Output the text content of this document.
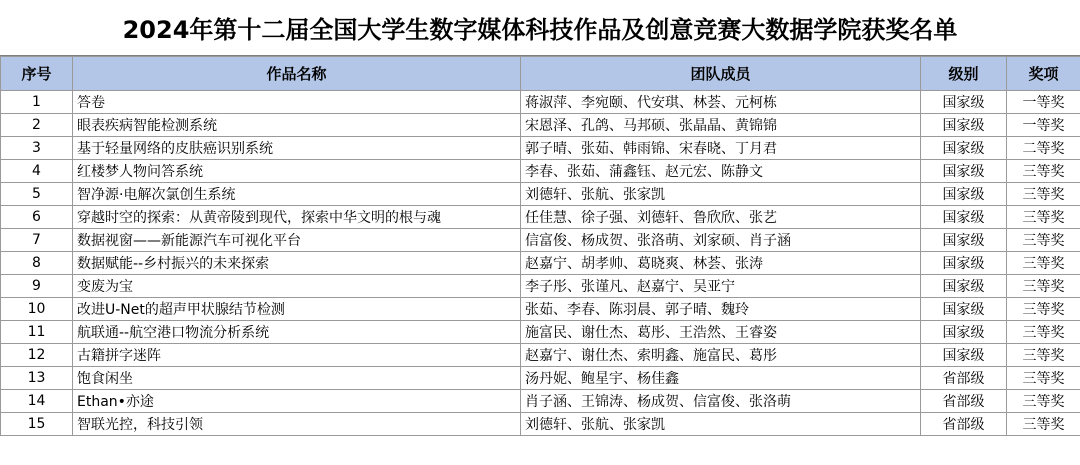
2024年第十二届全国大学生数字媒体科技作品及创意竞赛大数据学院获奖名单
序号	作品名称	团队成员	级别	奖项
1	答卷	蒋淑萍、李宛颐、代安琪、林荟、元柯栋	国家级	一等奖
2	眼表疾病智能检测系统	宋恩泽、孔鸽、马邦硕、张晶晶、黄锦锦	国家级	一等奖
3	基于轻量网络的皮肤癌识别系统	郭子晴、张茹、韩雨锦、宋春晓、丁月君	国家级	二等奖
4	红楼梦人物问答系统	李春、张茹、蒲鑫钰、赵元宏、陈静文	国家级	三等奖
5	智净源·电解次氯创生系统	刘德轩、张航、张家凯	国家级	三等奖
6	穿越时空的探索：从黄帝陵到现代，探索中华文明的根与魂	任佳慧、徐子强、刘德轩、鲁欣欣、张艺	国家级	三等奖
7	数据视窗——新能源汽车可视化平台	信富俊、杨成贺、张洛萌、刘家硕、肖子涵	国家级	三等奖
8	数据赋能--乡村振兴的未来探索	赵嘉宁、胡孝帅、葛晓爽、林荟、张涛	国家级	三等奖
9	变废为宝	李子彤、张谨凡、赵嘉宁、吴亚宁	国家级	三等奖
10	改进U-Net的超声甲状腺结节检测	张茹、李春、陈羽晨、郭子晴、魏玲	国家级	三等奖
11	航联通--航空港口物流分析系统	施富民、谢仕杰、葛彤、王浩然、王睿姿	国家级	三等奖
12	古籍拼字迷阵	赵嘉宁、谢仕杰、索明鑫、施富民、葛彤	国家级	三等奖
13	饱食闲坐	汤丹妮、鲍星宇、杨佳鑫	省部级	三等奖
14	Ethan•亦途	肖子涵、王锦涛、杨成贺、信富俊、张洛萌	省部级	三等奖
15	智联光控，科技引领	刘德轩、张航、张家凯	省部级	三等奖
